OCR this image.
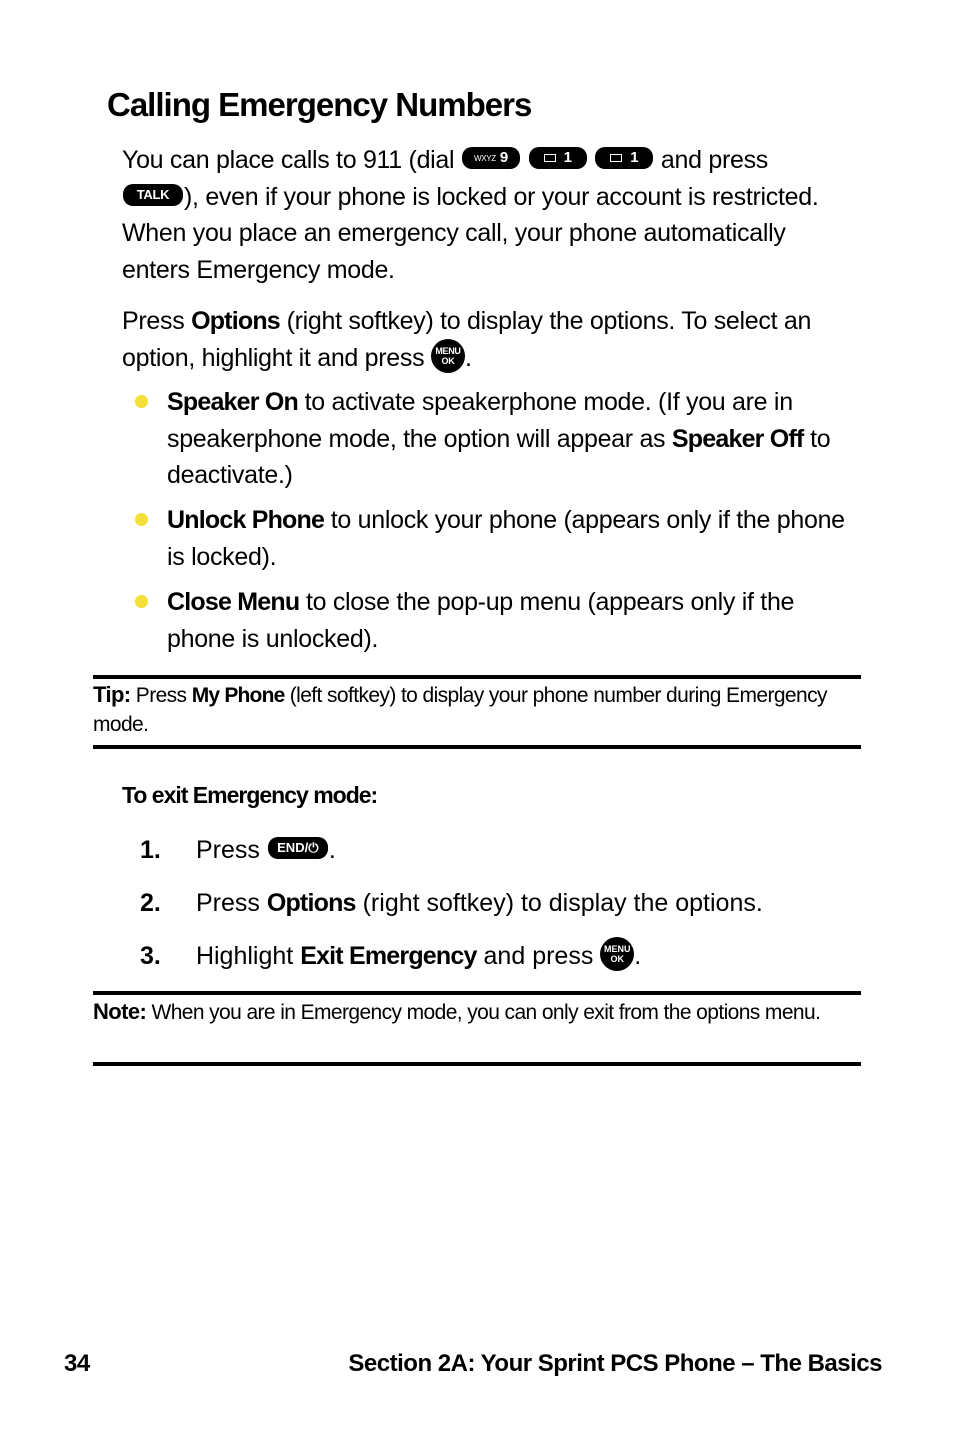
Calling Emergency Numbers
You can place calls to 911 (dial WXYZ 9	1	1 and press
TALK ), even if your phone is locked or your account is restricted. When you place an emergency call, your phone automatically enters Emergency mode.
Press Options (right softkey) to display the options. To select an option, highlight it and press	MENU
OK .
Speaker On to activate speakerphone mode. (If you are in speakerphone mode, the option will appear as Speaker Off to deactivate.)
Unlock Phone to unlock your phone (appears only if the phone is locked).
Close Menu to close the pop-up menu (appears only if the phone is unlocked).
Tip: Press My Phone (left softkey) to display your phone number during Emergency mode.
To exit Emergency mode:
1. Press END/⏻ .
2. Press Options (right softkey) to display the options.
3. Highlight Exit Emergency and press	MENU
OK .
Note: When you are in Emergency mode, you can only exit from the options menu.
34	Section 2A: Your Sprint PCS Phone – The Basics
